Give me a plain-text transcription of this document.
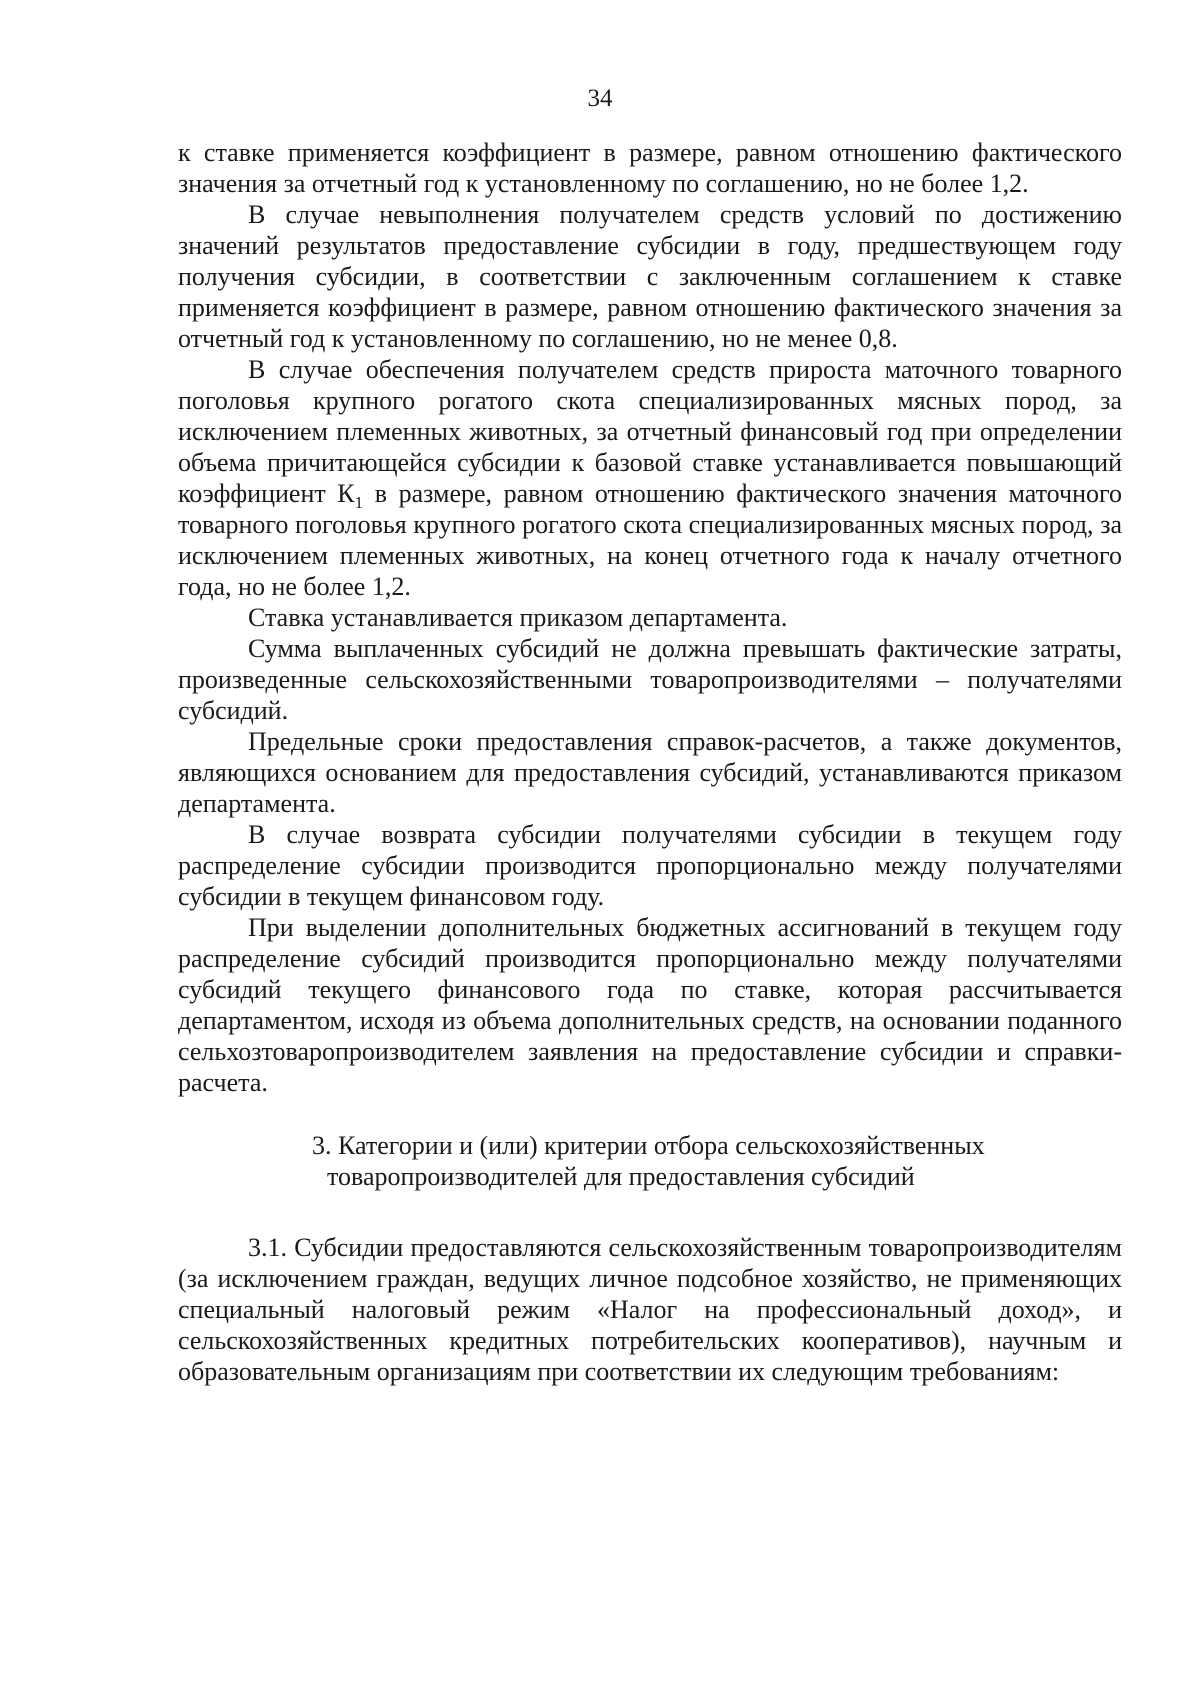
34

к ставке применяется коэффициент в размере, равном отношению фактического значения за отчетный год к установленному по соглашению, но не более 1,2.

В случае невыполнения получателем средств условий по достижению значений результатов предоставление субсидии в году, предшествующем году получения субсидии, в соответствии с заключенным соглашением к ставке применяется коэффициент в размере, равном отношению фактического значения за отчетный год к установленному по соглашению, но не менее 0,8.

В случае обеспечения получателем средств прироста маточного товарного поголовья крупного рогатого скота специализированных мясных пород, за исключением племенных животных, за отчетный финансовый год при определении объема причитающейся субсидии к базовой ставке устанавливается повышающий коэффициент $К_1$ в размере, равном отношению фактического значения маточного товарного поголовья крупного рогатого скота специализированных мясных пород, за исключением племенных животных, на конец отчетного года к началу отчетного года, но не более 1,2.

Ставка устанавливается приказом департамента.

Сумма выплаченных субсидий не должна превышать фактические затраты, произведенные сельскохозяйственными товаропроизводителями – получателями субсидий.

Предельные сроки предоставления справок-расчетов, а также документов, являющихся основанием для предоставления субсидий, устанавливаются приказом департамента.

В случае возврата субсидии получателями субсидии в текущем году распределение субсидии производится пропорционально между получателями субсидии в текущем финансовом году.

При выделении дополнительных бюджетных ассигнований в текущем году распределение субсидий производится пропорционально между получателями субсидий текущего финансового года по ставке, которая рассчитывается департаментом, исходя из объема дополнительных средств, на основании поданного сельхозтоваропроизводителем заявления на предоставление субсидии и справки-расчета.

3. Категории и (или) критерии отбора сельскохозяйственных
товаропроизводителей для предоставления субсидий

3.1. Субсидии предоставляются сельскохозяйственным товаропроизводителям (за исключением граждан, ведущих личное подсобное хозяйство, не применяющих специальный налоговый режим «Налог на профессиональный доход», и сельскохозяйственных кредитных потребительских кооперативов), научным и образовательным организациям при соответствии их следующим требованиям:
